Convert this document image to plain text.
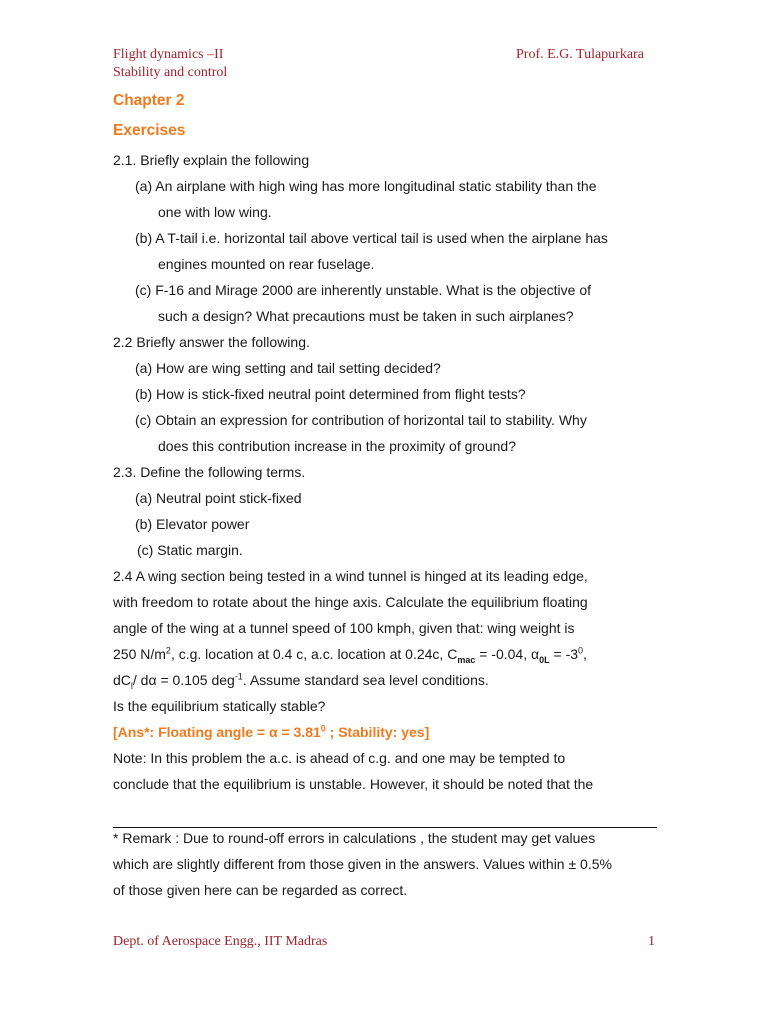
Flight dynamics –II
Stability and control
Prof. E.G. Tulapurkara
Chapter 2
Exercises
2.1. Briefly explain the following
(a) An airplane with high wing has more longitudinal static stability than the
one with low wing.
(b) A T-tail i.e. horizontal tail above vertical tail is used when the airplane has
engines mounted on rear fuselage.
(c) F-16 and Mirage 2000 are inherently unstable. What is the objective of
such a design? What precautions must be taken in such airplanes?
2.2 Briefly answer the following.
(a) How are wing setting and tail setting decided?
(b) How is stick-fixed neutral point determined from flight tests?
(c) Obtain an expression for contribution of horizontal tail to stability. Why
does this contribution increase in the proximity of ground?
2.3. Define the following terms.
(a) Neutral point stick-fixed
(b) Elevator power
(c) Static margin.
2.4 A wing section being tested in a wind tunnel is hinged at its leading edge,
with freedom to rotate about the hinge axis. Calculate the equilibrium floating
angle of the wing at a tunnel speed of 100 kmph, given that: wing weight is
250 $N/m^2$, c.g. location at 0.4 c, a.c. location at 0.24c, $C_{mac} = -0.04$, $\alpha_{0L} = -3^0$,
$dC_l/$ dα = 0.105 deg$^{-1}$. Assume standard sea level conditions.
Is the equilibrium statically stable?
[Ans*: Floating angle = $\alpha = 3.81^0$ ; Stability: yes]
Note: In this problem the a.c. is ahead of c.g. and one may be tempted to
conclude that the equilibrium is unstable. However, it should be noted that the
* Remark : Due to round-off errors in calculations , the student may get values
which are slightly different from those given in the answers. Values within ± 0.5%
of those given here can be regarded as correct.
Dept. of Aerospace Engg., IIT Madras	1
